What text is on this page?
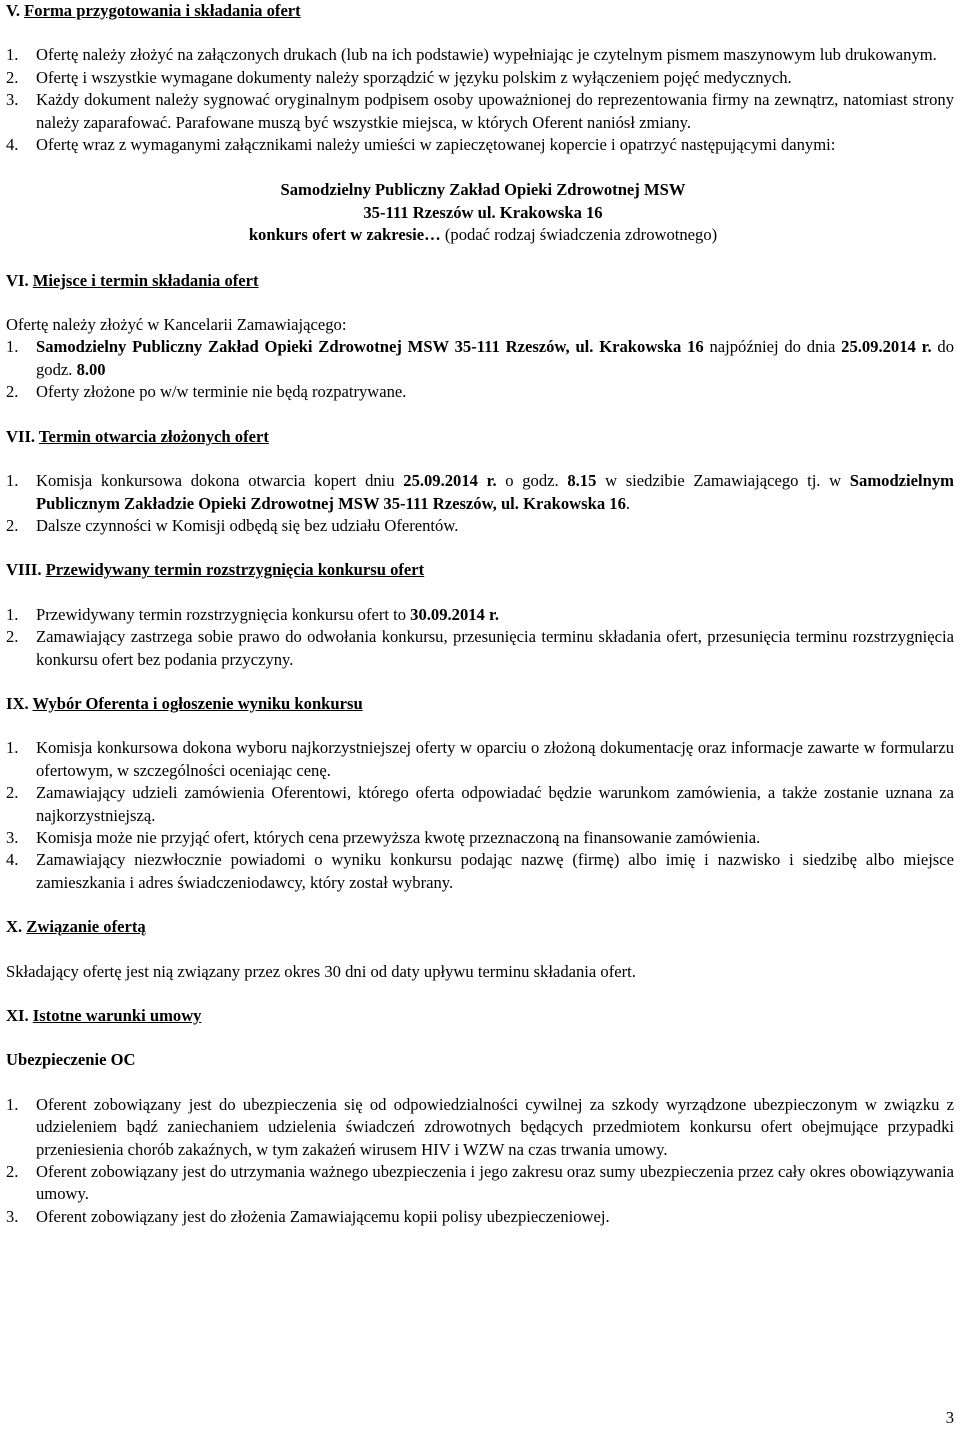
V. Forma przygotowania i składania ofert

1. Ofertę należy złożyć na załączonych drukach (lub na ich podstawie) wypełniając je czytelnym pismem maszynowym lub drukowanym.
2. Ofertę i wszystkie wymagane dokumenty należy sporządzić w języku polskim z wyłączeniem pojęć medycznych.
3. Każdy dokument należy sygnować oryginalnym podpisem osoby upoważnionej do reprezentowania firmy na zewnątrz, natomiast strony należy zaparafować. Parafowane muszą być wszystkie miejsca, w których Oferent naniósł zmiany.
4. Ofertę wraz z wymaganymi załącznikami należy umieści w zapieczętowanej kopercie i opatrzyć następującymi danymi:

Samodzielny Publiczny Zakład Opieki Zdrowotnej MSW

35-111 Rzeszów ul. Krakowska 16

konkurs ofert w zakresie… (podać rodzaj świadczenia zdrowotnego)

VI. Miejsce i termin składania ofert

Ofertę należy złożyć w Kancelarii Zamawiającego:

1. Samodzielny Publiczny Zakład Opieki Zdrowotnej MSW 35-111 Rzeszów, ul. Krakowska 16 najpóźniej do dnia 25.09.2014 r. do godz. 8.00
2. Oferty złożone po w/w terminie nie będą rozpatrywane.

VII. Termin otwarcia złożonych ofert

1. Komisja konkursowa dokona otwarcia kopert dniu 25.09.2014 r. o godz. 8.15 w siedzibie Zamawiającego tj. w Samodzielnym Publicznym Zakładzie Opieki Zdrowotnej MSW 35-111 Rzeszów, ul. Krakowska 16.
2. Dalsze czynności w Komisji odbędą się bez udziału Oferentów.

VIII. Przewidywany termin rozstrzygnięcia konkursu ofert

1. Przewidywany termin rozstrzygnięcia konkursu ofert to 30.09.2014 r.
2. Zamawiający zastrzega sobie prawo do odwołania konkursu, przesunięcia terminu składania ofert, przesunięcia terminu rozstrzygnięcia konkursu ofert bez podania przyczyny.

IX. Wybór Oferenta i ogłoszenie wyniku konkursu

1. Komisja konkursowa dokona wyboru najkorzystniejszej oferty w oparciu o złożoną dokumentację oraz informacje zawarte w formularzu ofertowym, w szczególności oceniając cenę.
2. Zamawiający udzieli zamówienia Oferentowi, którego oferta odpowiadać będzie warunkom zamówienia, a także zostanie uznana za najkorzystniejszą.
3. Komisja może nie przyjąć ofert, których cena przewyższa kwotę przeznaczoną na finansowanie zamówienia.
4. Zamawiający niezwłocznie powiadomi o wyniku konkursu podając nazwę (firmę) albo imię i nazwisko i siedzibę albo miejsce zamieszkania i adres świadczeniodawcy, który został wybrany.

X. Związanie ofertą

Składający ofertę jest nią związany przez okres 30 dni od daty upływu terminu składania ofert.

XI. Istotne warunki umowy

Ubezpieczenie OC

1. Oferent zobowiązany jest do ubezpieczenia się od odpowiedzialności cywilnej za szkody wyrządzone ubezpieczonym w związku z udzieleniem bądź zaniechaniem udzielenia świadczeń zdrowotnych będących przedmiotem konkursu ofert obejmujące przypadki przeniesienia chorób zakaźnych, w tym zakażeń wirusem HIV i WZW na czas trwania umowy.
2. Oferent zobowiązany jest do utrzymania ważnego ubezpieczenia i jego zakresu oraz sumy ubezpieczenia przez cały okres obowiązywania umowy.
3. Oferent zobowiązany jest do złożenia Zamawiającemu kopii polisy ubezpieczeniowej.
3
